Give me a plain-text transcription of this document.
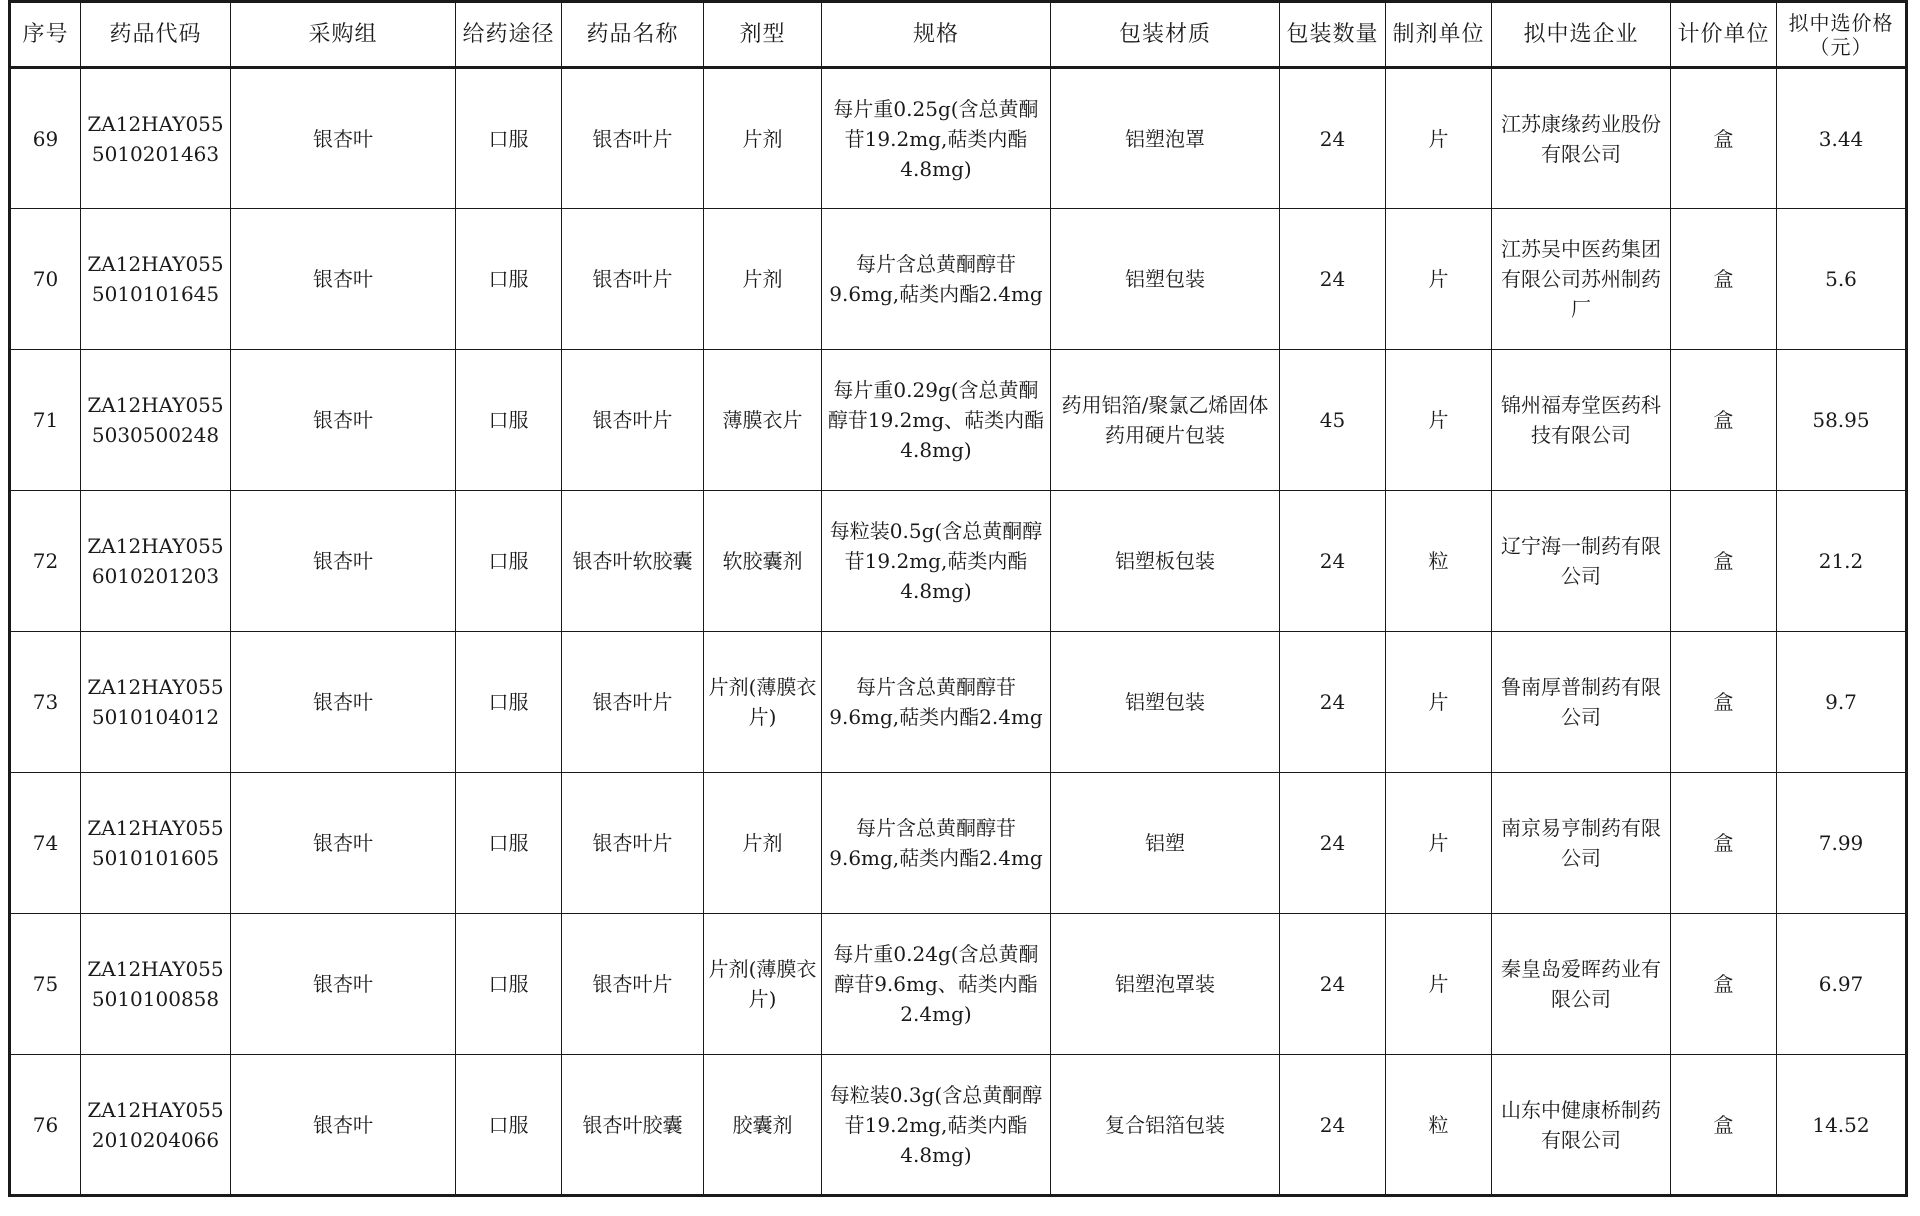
序号	药品代码	采购组	给药途径	药品名称	剂型	规格	包装材质	包装数量	制剂单位	拟中选企业	计价单位	拟中选价格（元）
69	ZA12HAY0555010201463	银杏叶	口服	银杏叶片	片剂	每片重0.25g(含总黄酮苷19.2mg,萜类内酯4.8mg)	铝塑泡罩	24	片	江苏康缘药业股份有限公司	盒	3.44
70	ZA12HAY0555010101645	银杏叶	口服	银杏叶片	片剂	每片含总黄酮醇苷9.6mg,萜类内酯2.4mg	铝塑包装	24	片	江苏吴中医药集团有限公司苏州制药厂	盒	5.6
71	ZA12HAY0555030500248	银杏叶	口服	银杏叶片	薄膜衣片	每片重0.29g(含总黄酮醇苷19.2mg、萜类内酯4.8mg)	药用铝箔/聚氯乙烯固体药用硬片包装	45	片	锦州福寿堂医药科技有限公司	盒	58.95
72	ZA12HAY0556010201203	银杏叶	口服	银杏叶软胶囊	软胶囊剂	每粒装0.5g(含总黄酮醇苷19.2mg,萜类内酯4.8mg)	铝塑板包装	24	粒	辽宁海一制药有限公司	盒	21.2
73	ZA12HAY0555010104012	银杏叶	口服	银杏叶片	片剂(薄膜衣片)	每片含总黄酮醇苷9.6mg,萜类内酯2.4mg	铝塑包装	24	片	鲁南厚普制药有限公司	盒	9.7
74	ZA12HAY0555010101605	银杏叶	口服	银杏叶片	片剂	每片含总黄酮醇苷9.6mg,萜类内酯2.4mg	铝塑	24	片	南京易亨制药有限公司	盒	7.99
75	ZA12HAY0555010100858	银杏叶	口服	银杏叶片	片剂(薄膜衣片)	每片重0.24g(含总黄酮醇苷9.6mg、萜类内酯2.4mg)	铝塑泡罩装	24	片	秦皇岛爱晖药业有限公司	盒	6.97
76	ZA12HAY0552010204066	银杏叶	口服	银杏叶胶囊	胶囊剂	每粒装0.3g(含总黄酮醇苷19.2mg,萜类内酯4.8mg)	复合铝箔包装	24	粒	山东中健康桥制药有限公司	盒	14.52
